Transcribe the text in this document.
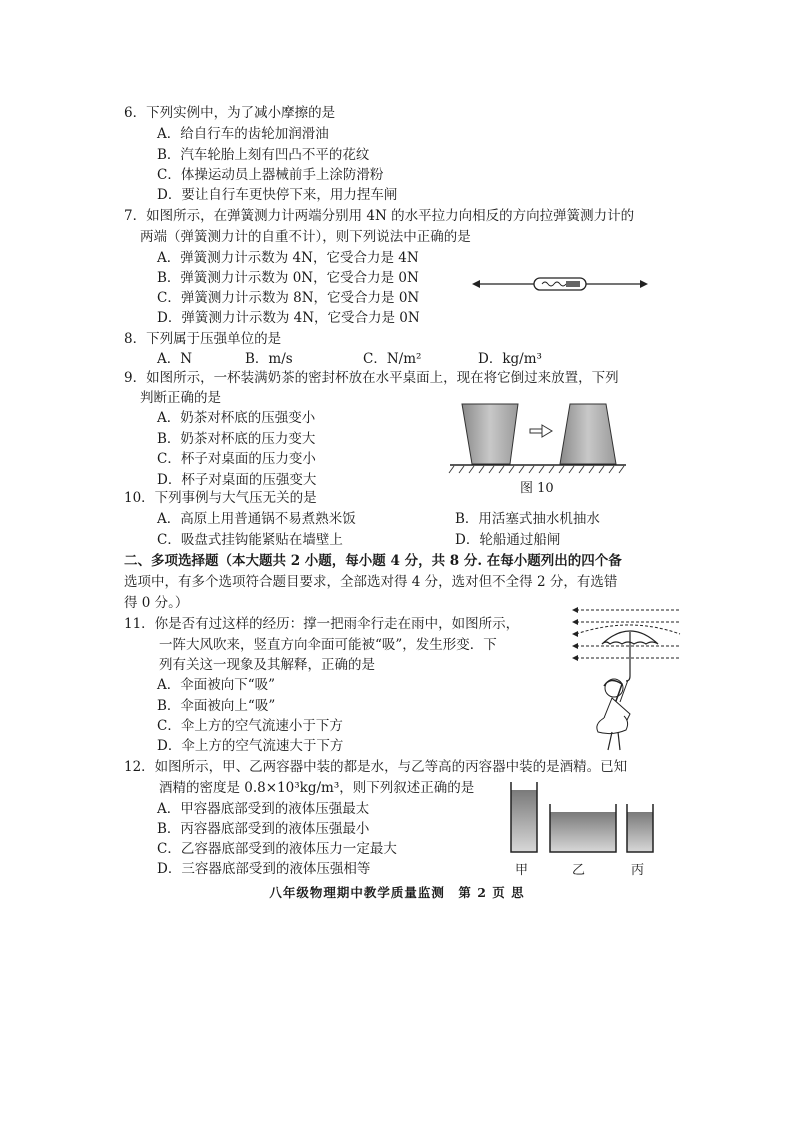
6．下列实例中，为了减小摩擦的是
A．给自行车的齿轮加润滑油
B．汽车轮胎上刻有凹凸不平的花纹
C．体操运动员上器械前手上涂防滑粉
D．要让自行车更快停下来，用力捏车闸
7．如图所示，在弹簧测力计两端分别用 4N 的水平拉力向相反的方向拉弹簧测力计的
两端（弹簧测力计的自重不计），则下列说法中正确的是
A．弹簧测力计示数为 4N，它受合力是 4N
B．弹簧测力计示数为 0N，它受合力是 0N
C．弹簧测力计示数为 8N，它受合力是 0N
D．弹簧测力计示数为 4N，它受合力是 0N
8．下列属于压强单位的是
A．N	B．m/s	C．N/m²	D．kg/m³
9．如图所示，一杯装满奶茶的密封杯放在水平桌面上，现在将它倒过来放置，下列
判断正确的是
A．奶茶对杯底的压强变小
B．奶茶对杯底的压力变大
C．杯子对桌面的压力变小
D．杯子对桌面的压强变大
图 10
10．下列事例与大气压无关的是
A．高原上用普通锅不易煮熟米饭	B．用活塞式抽水机抽水
C．吸盘式挂钩能紧贴在墙壁上	D．轮船通过船闸
二、多项选择题（本大题共 2 小题，每小题 4 分，共 8 分. 在每小题列出的四个备
选项中，有多个选项符合题目要求，全部选对得 4 分，选对但不全得 2 分，有选错
得 0 分。）
11．你是否有过这样的经历：撑一把雨伞行走在雨中，如图所示，
一阵大风吹来，竖直方向伞面可能被“吸”，发生形变．下
列有关这一现象及其解释，正确的是
A．伞面被向下“吸”
B．伞面被向上“吸”
C．伞上方的空气流速小于下方
D．伞上方的空气流速大于下方
12．如图所示，甲、乙两容器中装的都是水，与乙等高的丙容器中装的是酒精。已知
酒精的密度是 0.8×10³kg/m³，则下列叙述正确的是
A．甲容器底部受到的液体压强最太
B．丙容器底部受到的液体压强最小
C．乙容器底部受到的液体压力一定最大
D．三容器底部受到的液体压强相等	甲	乙	丙
八年级物理期中教学质量监测　第 2 页 思
